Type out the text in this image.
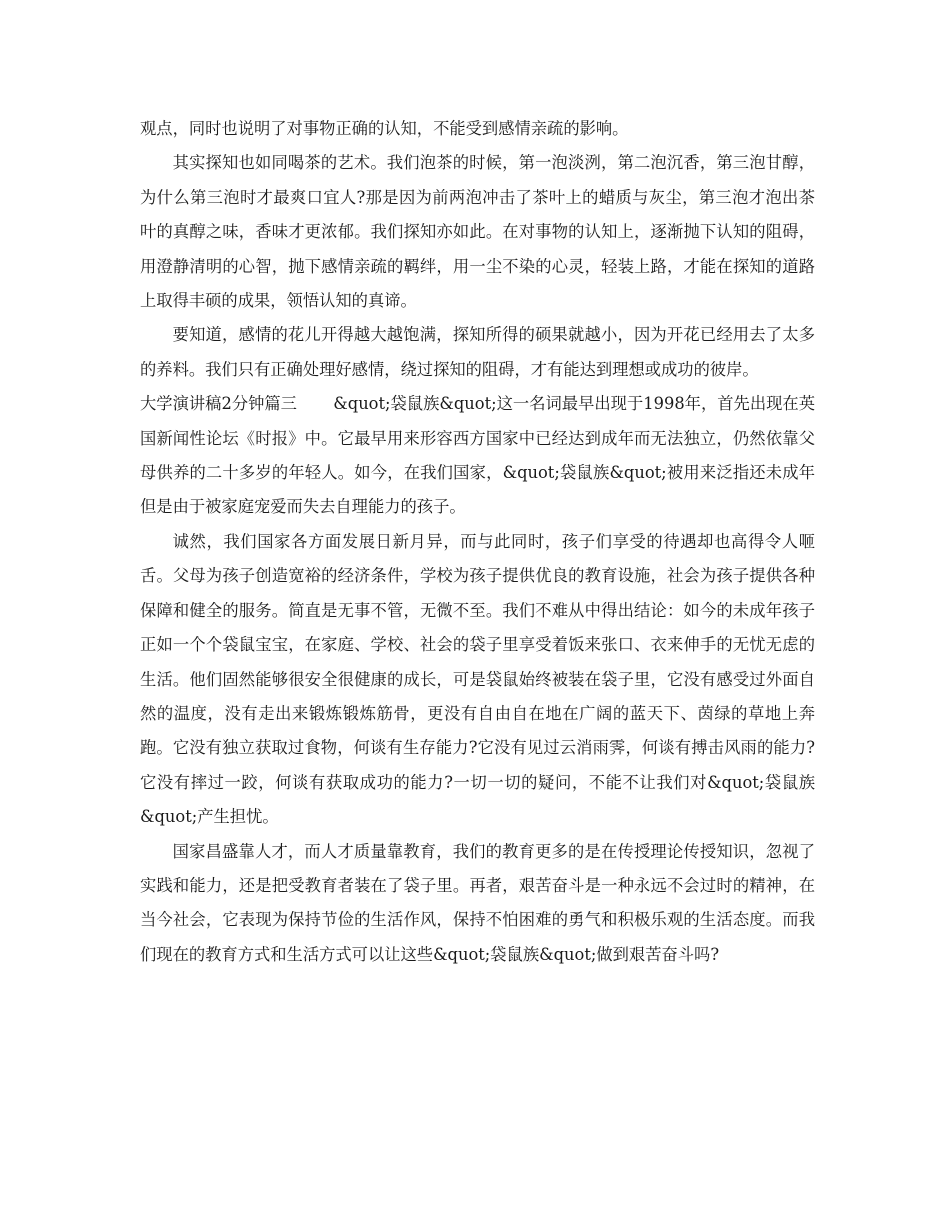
观点，同时也说明了对事物正确的认知，不能受到感情亲疏的影响。

其实探知也如同喝茶的艺术。我们泡茶的时候，第一泡淡洌，第二泡沉香，第三泡甘醇，为什么第三泡时才最爽口宜人?那是因为前两泡冲击了茶叶上的蜡质与灰尘，第三泡才泡出茶叶的真醇之味，香味才更浓郁。我们探知亦如此。在对事物的认知上，逐渐抛下认知的阻碍，用澄静清明的心智，抛下感情亲疏的羁绊，用一尘不染的心灵，轻装上路，才能在探知的道路上取得丰硕的成果，领悟认知的真谛。

要知道，感情的花儿开得越大越饱满，探知所得的硕果就越小，因为开花已经用去了太多的养料。我们只有正确处理好感情，绕过探知的阻碍，才有能达到理想或成功的彼岸。

大学演讲稿2分钟篇三 &quot;袋鼠族&quot;这一名词最早出现于1998年，首先出现在英国新闻性论坛《时报》中。它最早用来形容西方国家中已经达到成年而无法独立，仍然依靠父母供养的二十多岁的年轻人。如今，在我们国家，&quot;袋鼠族&quot;被用来泛指还未成年但是由于被家庭宠爱而失去自理能力的孩子。

诚然，我们国家各方面发展日新月异，而与此同时，孩子们享受的待遇却也高得令人咂舌。父母为孩子创造宽裕的经济条件，学校为孩子提供优良的教育设施，社会为孩子提供各种保障和健全的服务。简直是无事不管，无微不至。我们不难从中得出结论：如今的未成年孩子正如一个个袋鼠宝宝，在家庭、学校、社会的袋子里享受着饭来张口、衣来伸手的无忧无虑的生活。他们固然能够很安全很健康的成长，可是袋鼠始终被装在袋子里，它没有感受过外面自然的温度，没有走出来锻炼锻炼筋骨，更没有自由自在地在广阔的蓝天下、茵绿的草地上奔跑。它没有独立获取过食物，何谈有生存能力?它没有见过云消雨霁，何谈有搏击风雨的能力?它没有摔过一跤，何谈有获取成功的能力?一切一切的疑问，不能不让我们对&quot;袋鼠族&quot;产生担忧。

国家昌盛靠人才，而人才质量靠教育，我们的教育更多的是在传授理论传授知识，忽视了实践和能力，还是把受教育者装在了袋子里。再者，艰苦奋斗是一种永远不会过时的精神，在当今社会，它表现为保持节俭的生活作风，保持不怕困难的勇气和积极乐观的生活态度。而我们现在的教育方式和生活方式可以让这些&quot;袋鼠族&quot;做到艰苦奋斗吗?
